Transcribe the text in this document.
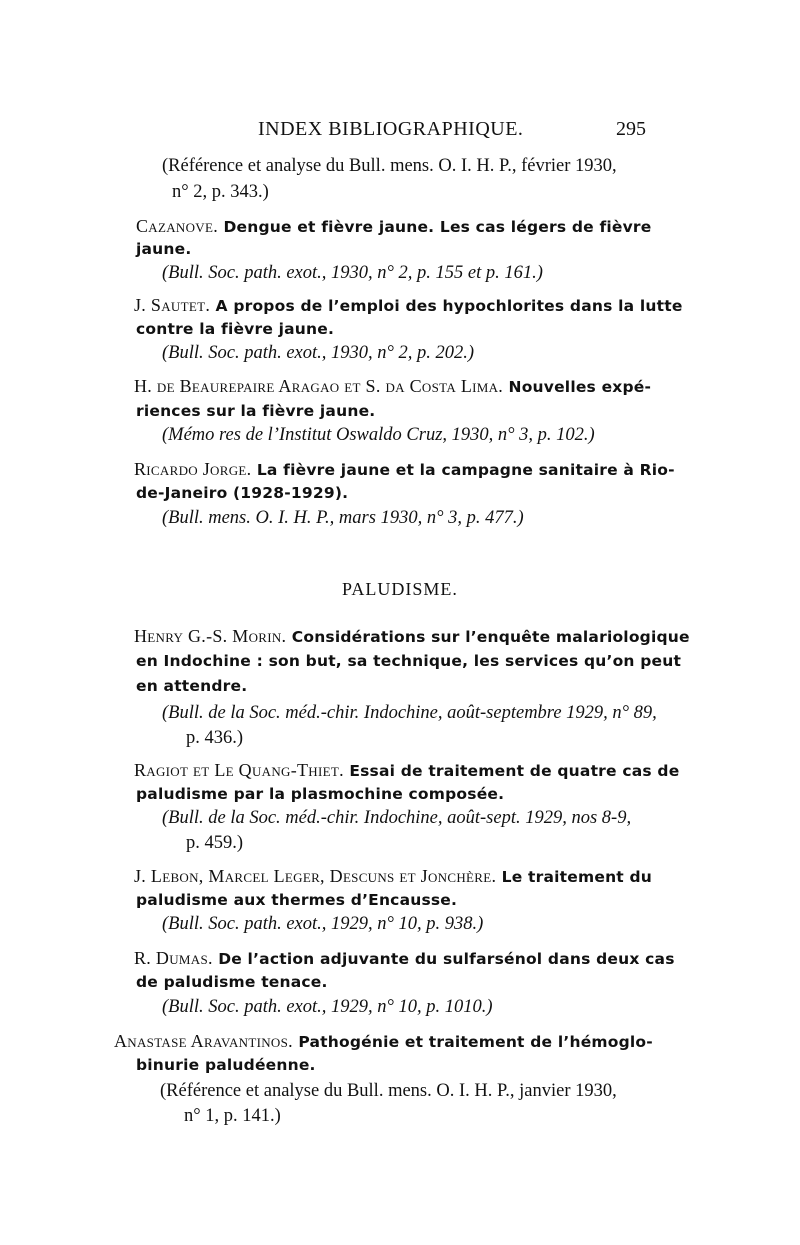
INDEX BIBLIOGRAPHIQUE.	295
(Référence et analyse du Bull. mens. O. I. H. P., février 1930,
n° 2, p. 343.)
Cazanove. Dengue et fièvre jaune. Les cas légers de fièvre
jaune.
(Bull. Soc. path. exot., 1930, n° 2, p. 155 et p. 161.)
J. Sautet. A propos de l’emploi des hypochlorites dans la lutte
contre la fièvre jaune.
(Bull. Soc. path. exot., 1930, n° 2, p. 202.)
H. de Beaurepaire Aragao et S. da Costa Lima. Nouvelles expé-
riences sur la fièvre jaune.
(Mémo res de l’Institut Oswaldo Cruz, 1930, n° 3, p. 102.)
Ricardo Jorge. La fièvre jaune et la campagne sanitaire à Rio-
de-Janeiro (1928-1929).
(Bull. mens. O. I. H. P., mars 1930, n° 3, p. 477.)
PALUDISME.
Henry G.-S. Morin. Considérations sur l’enquête malariologique
en Indochine : son but, sa technique, les services qu’on peut
en attendre.
(Bull. de la Soc. méd.-chir. Indochine, août-septembre 1929, n° 89,
p. 436.)
Ragiot et Le Quang-Thiet. Essai de traitement de quatre cas de
paludisme par la plasmochine composée.
(Bull. de la Soc. méd.-chir. Indochine, août-sept. 1929, nos 8-9,
p. 459.)
J. Lebon, Marcel Leger, Descuns et Jonchère. Le traitement du
paludisme aux thermes d’Encausse.
(Bull. Soc. path. exot., 1929, n° 10, p. 938.)
R. Dumas. De l’action adjuvante du sulfarsénol dans deux cas
de paludisme tenace.
(Bull. Soc. path. exot., 1929, n° 10, p. 1010.)
Anastase Aravantinos. Pathogénie et traitement de l’hémoglo-
binurie paludéenne.
(Référence et analyse du Bull. mens. O. I. H. P., janvier 1930,
n° 1, p. 141.)
